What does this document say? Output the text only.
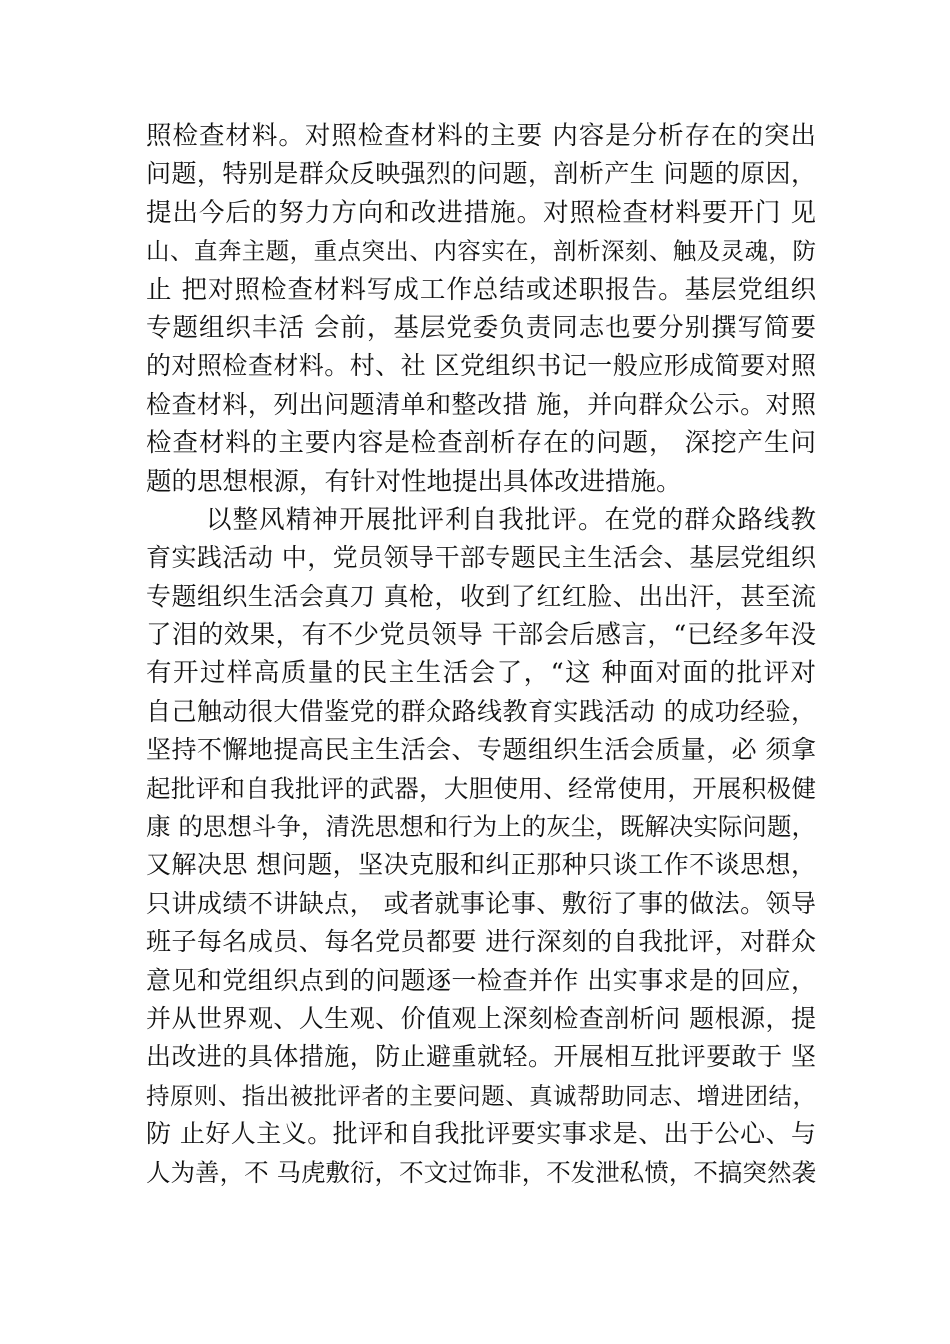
照检查材料。对照检查材料的主要 内容是分析存在的突出
问题，特别是群众反映强烈的问题，剖析产生 问题的原因，
提出今后的努力方向和改进措施。对照检查材料要开门 见
山、直奔主题，重点突出、内容实在，剖析深刻、触及灵魂，防
止 把对照检查材料写成工作总结或述职报告。基层党组织
专题组织丰活 会前，基层党委负责同志也要分别撰写简要
的对照检查材料。村、社 区党组织书记一般应形成简要对照
检查材料，列出问题清单和整改措 施，并向群众公示。对照
检查材料的主要内容是检查剖析存在的问题， 深挖产生问
题的思想根源，有针对性地提出具体改进措施。
以整风精神开展批评利自我批评。在党的群众路线教
育实践活动 中，党员领导干部专题民主生活会、基层党组织
专题组织生活会真刀 真枪，收到了红红脸、出出汗，甚至流
了泪的效果，有不少党员领导 干部会后感言，“已经多年没
有开过样高质量的民主生活会了，“这 种面对面的批评对
自己触动很大借鉴党的群众路线教育实践活动 的成功经验，
坚持不懈地提高民主生活会、专题组织生活会质量，必 须拿
起批评和自我批评的武器，大胆使用、经常使用，开展积极健
康 的思想斗争，清洗思想和行为上的灰尘，既解决实际问题，
又解决思 想问题，坚决克服和纠正那种只谈工作不谈思想，
只讲成绩不讲缺点， 或者就事论事、敷衍了事的做法。领导
班子每名成员、每名党员都要 进行深刻的自我批评，对群众
意见和党组织点到的问题逐一检查并作 出实事求是的回应，
并从世界观、人生观、价值观上深刻检查剖析问 题根源，提
出改进的具体措施，防止避重就轻。开展相互批评要敢于 坚
持原则、指出被批评者的主要问题、真诚帮助同志、增进团结，
防 止好人主义。批评和自我批评要实事求是、出于公心、与
人为善，不 马虎敷衍，不文过饰非，不发泄私愤，不搞突然袭
